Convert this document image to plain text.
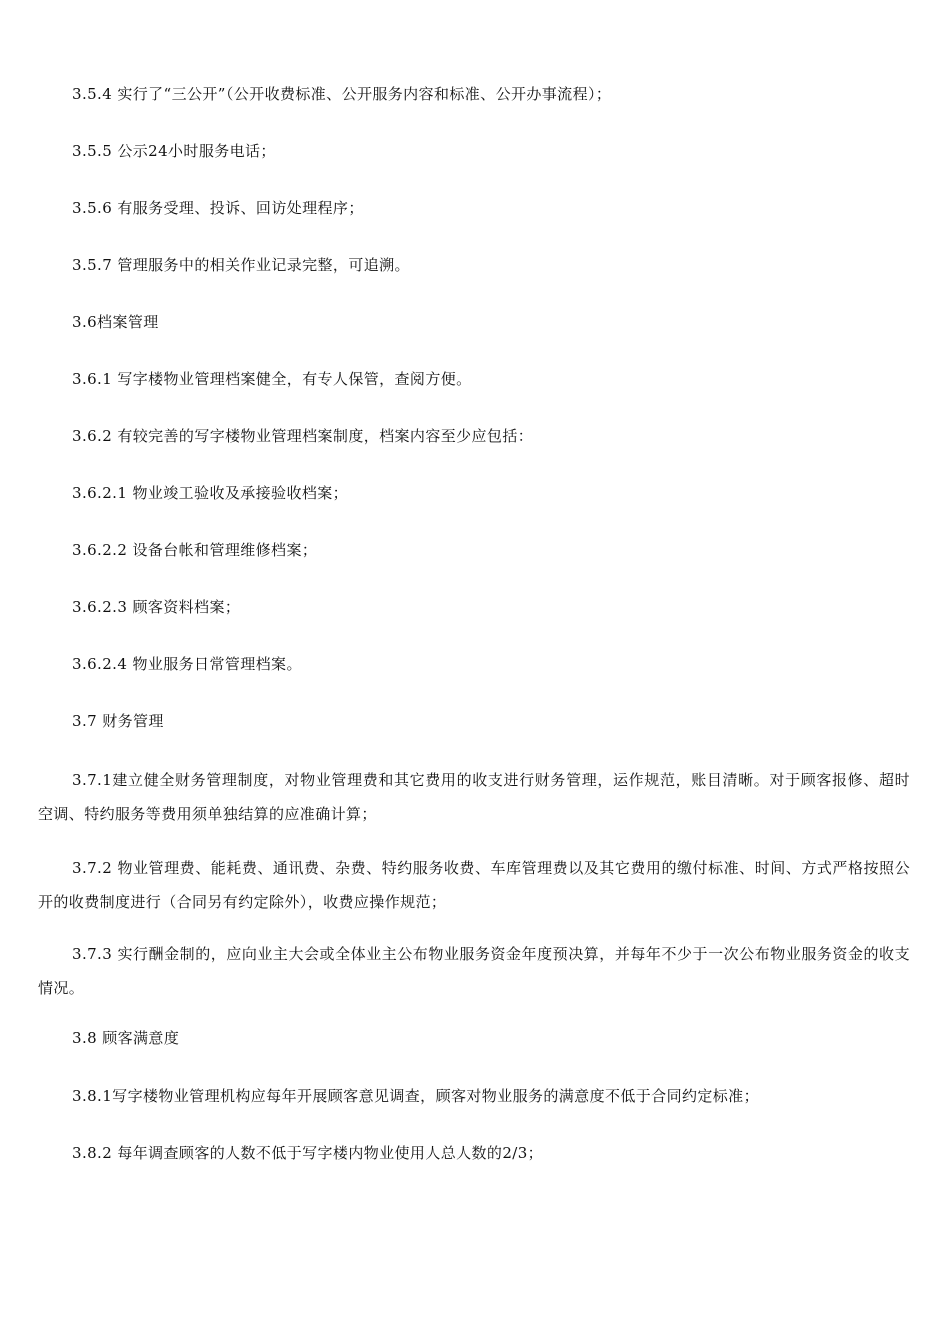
3.5.4 实行了“三公开”（公开收费标准、公开服务内容和标准、公开办事流程）；
3.5.5 公示24小时服务电话；
3.5.6 有服务受理、投诉、回访处理程序；
3.5.7 管理服务中的相关作业记录完整，可追溯。
3.6档案管理
3.6.1 写字楼物业管理档案健全，有专人保管，查阅方便。
3.6.2 有较完善的写字楼物业管理档案制度，档案内容至少应包括：
3.6.2.1 物业竣工验收及承接验收档案；
3.6.2.2 设备台帐和管理维修档案；
3.6.2.3 顾客资料档案；
3.6.2.4 物业服务日常管理档案。
3.7 财务管理
3.7.1建立健全财务管理制度，对物业管理费和其它费用的收支进行财务管理，运作规范，账目清晰。对于顾客报修、超时空调、特约服务等费用须单独结算的应准确计算；
3.7.2 物业管理费、能耗费、通讯费、杂费、特约服务收费、车库管理费以及其它费用的缴付标准、时间、方式严格按照公开的收费制度进行（合同另有约定除外），收费应操作规范；
3.7.3 实行酬金制的，应向业主大会或全体业主公布物业服务资金年度预决算，并每年不少于一次公布物业服务资金的收支情况。
3.8 顾客满意度
3.8.1写字楼物业管理机构应每年开展顾客意见调查，顾客对物业服务的满意度不低于合同约定标准；
3.8.2 每年调查顾客的人数不低于写字楼内物业使用人总人数的2/3；
